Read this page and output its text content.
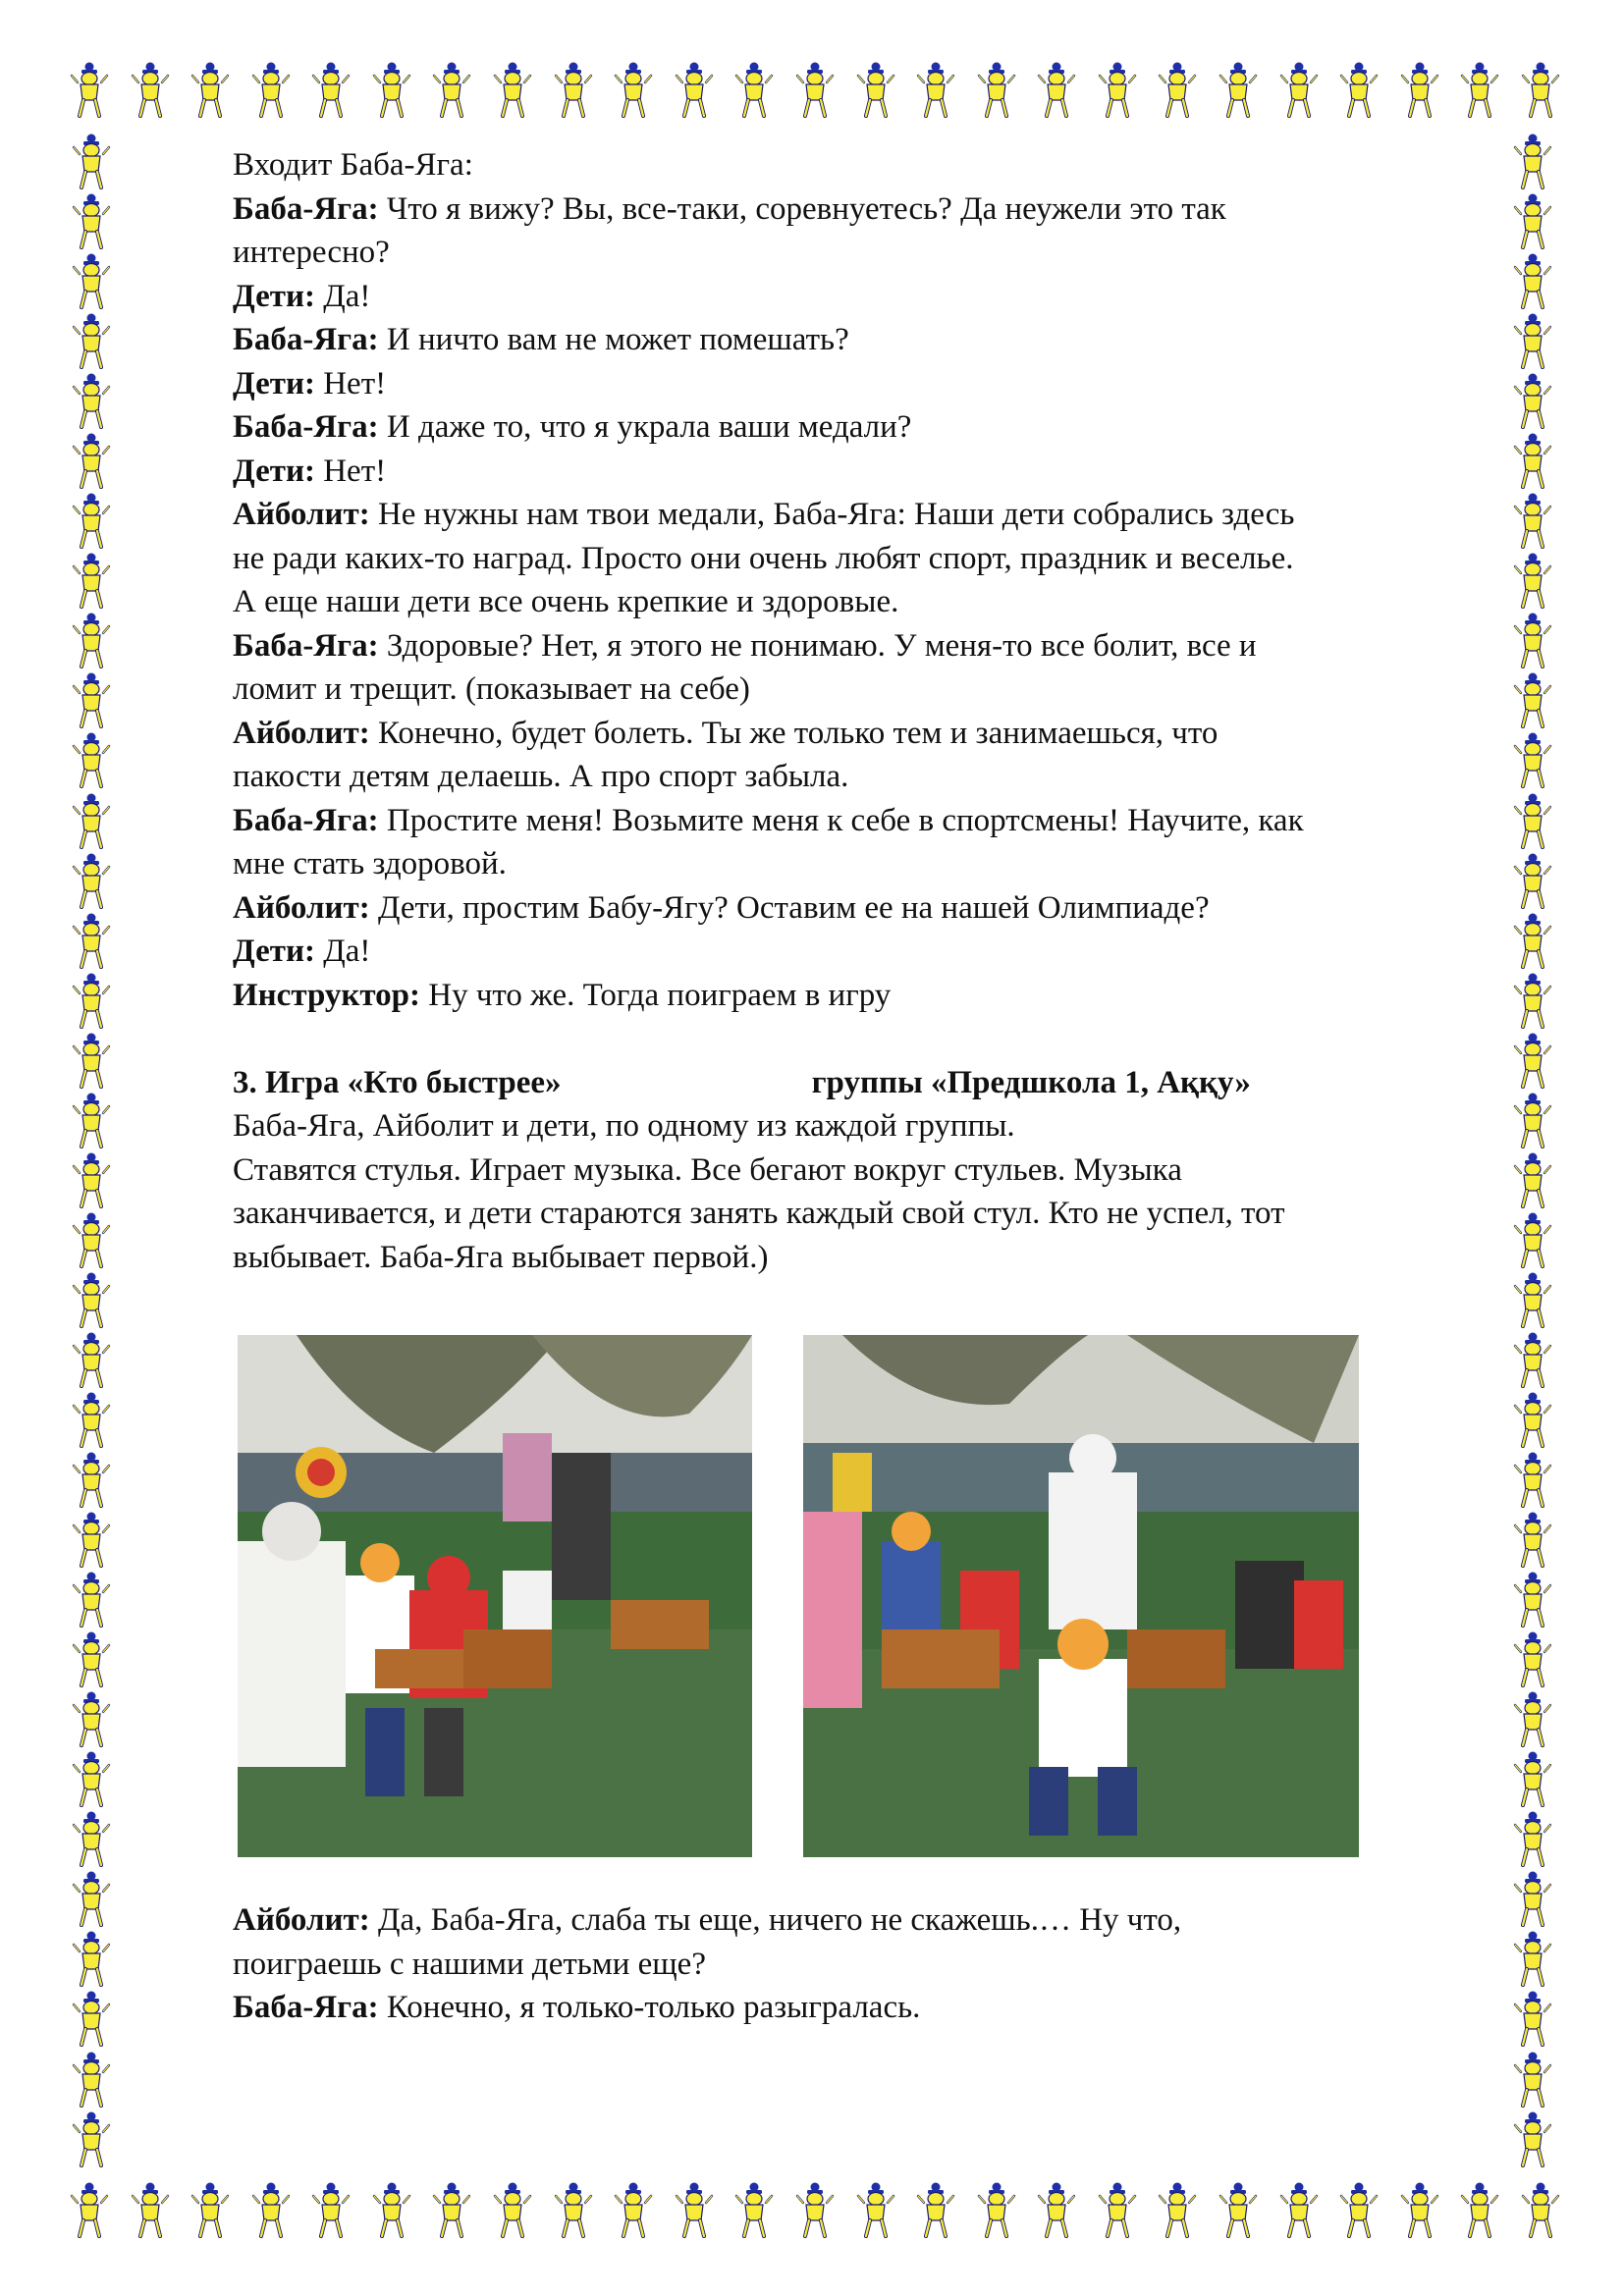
Входит Баба-Яга:
Баба-Яга: Что я вижу? Вы, все-таки, соревнуетесь? Да неужели это так
интересно?
Дети: Да!
Баба-Яга: И ничто вам не может помешать?
Дети: Нет!
Баба-Яга: И даже то, что я украла ваши медали?
Дети: Нет!
Айболит: Не нужны нам твои медали, Баба-Яга: Наши дети собрались здесь
не ради каких-то наград. Просто они очень любят спорт, праздник и веселье.
А еще наши дети все очень крепкие и здоровые.
Баба-Яга: Здоровые? Нет, я этого не понимаю. У меня-то все болит, все и
ломит и трещит. (показывает на себе)
Айболит: Конечно, будет болеть. Ты же только тем и занимаешься, что
пакости детям делаешь. А про спорт забыла.
Баба-Яга: Простите меня! Возьмите меня к себе в спортсмены! Научите, как
мне стать здоровой.
Айболит: Дети, простим Бабу-Ягу? Оставим ее на нашей Олимпиаде?
Дети: Да!
Инструктор: Ну что же. Тогда поиграем в игру
3. Игра «Кто быстрее»	группы «Предшкола 1, Аққу»
Баба-Яга, Айболит и дети, по одному из каждой группы.
Ставятся стулья. Играет музыка. Все бегают вокруг стульев. Музыка
заканчивается, и дети стараются занять каждый свой стул. Кто не успел, тот
выбывает. Баба-Яга выбывает первой.)
Айболит: Да, Баба-Яга, слаба ты еще, ничего не скажешь.… Ну что,
поиграешь с нашими детьми еще?
Баба-Яга: Конечно, я только-только разыгралась.
